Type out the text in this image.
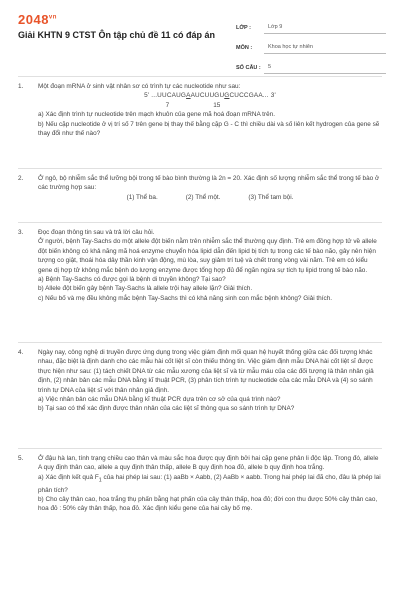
$2048^{vn}$
Giải KHTN 9 CTST Ôn tập chủ đề 11 có đáp án
LỚP :	Lớp 9
MÔN :	Khoa học tự nhiên
SỐ CÂU :	5
1. Một đoạn mRNA ở sinh vật nhân sơ có trình tự các nucleotide như sau:

5' ...UUCAUGAAUCUUGUGCUCCGAA... 3'

7	15

a) Xác định trình tự nucleotide trên mạch khuôn của gene mã hoá đoạn mRNA trên.

b) Nếu cặp nucleotide ở vị trí số 7 trên gene bị thay thế bằng cặp G - C thì chiều dài và số liên kết hydrogen của gene sẽ thay đổi như thế nào?

2. Ở ngô, bộ nhiễm sắc thể lưỡng bội trong tế bào bình thường là 2n = 20. Xác định số lượng nhiễm sắc thể trong tế bào ở các trường hợp sau:

(1) Thể ba.	(2) Thể một.	(3) Thể tam bội.

3. Đọc đoạn thông tin sau và trả lời câu hỏi.

Ở người, bệnh Tay-Sachs do một allele đột biến nằm trên nhiễm sắc thể thường quy định. Trẻ em đồng hợp tử về allele đột biến không có khả năng mã hoá enzyme chuyển hóa lipid dẫn đến lipid bị tích tụ trong các tế bào não, gây nên hiện tượng co giật, thoái hóa dây thần kinh vận động, mù lòa, suy giảm trí tuệ và chết trong vòng vài năm. Trẻ em có kiểu gene dị hợp tử không mắc bệnh do lượng enzyme được tổng hợp đủ để ngăn ngừa sự tích tụ lipid trong tế bào não.

a) Bệnh Tay-Sachs có được gọi là bệnh di truyền không? Tại sao?

b) Allele đột biến gây bệnh Tay-Sachs là allele trội hay allele lặn? Giải thích.

c) Nếu bố và mẹ đều không mắc bệnh Tay-Sachs thì có khả năng sinh con mắc bệnh không? Giải thích.

4. Ngày nay, công nghệ di truyền được ứng dụng trong việc giám định mối quan hệ huyết thống giữa các đối tượng khác nhau, đặc biệt là định danh cho các mẫu hài cốt liệt sĩ còn thiếu thông tin. Việc giám định mẫu DNA hài cốt liệt sĩ được thực hiện như sau: (1) tách chiết DNA từ các mẫu xương của liệt sĩ và từ mẫu máu của các đối tượng là thân nhân giả định, (2) nhân bản các mẫu DNA bằng kĩ thuật PCR, (3) phân tích trình tự nucleotide của các mẫu DNA và (4) so sánh trình tự DNA của liệt sĩ với thân nhân giả định.

a) Việc nhân bản các mẫu DNA bằng kĩ thuật PCR dựa trên cơ sở của quá trình nào?

b) Tại sao có thể xác định được thân nhân của các liệt sĩ thông qua so sánh trình tự DNA?

5. Ở đậu hà lan, tính trạng chiều cao thân và màu sắc hoa được quy định bởi hai cặp gene phân li độc lập. Trong đó, allele A quy định thân cao, allele a quy định thân thấp, allele B quy định hoa đỏ, allele b quy định hoa trắng.

a) Xác định kết quả $F_1$ của hai phép lai sau: (1) aaBb × Aabb, (2) AaBb × aabb. Trong hai phép lai đã cho, đâu là phép lai phân tích?

b) Cho cây thân cao, hoa trắng thụ phấn bằng hạt phấn của cây thân thấp, hoa đỏ; đời con thu được 50% cây thân cao, hoa đỏ : 50% cây thân thấp, hoa đỏ. Xác định kiểu gene của hai cây bố mẹ.
